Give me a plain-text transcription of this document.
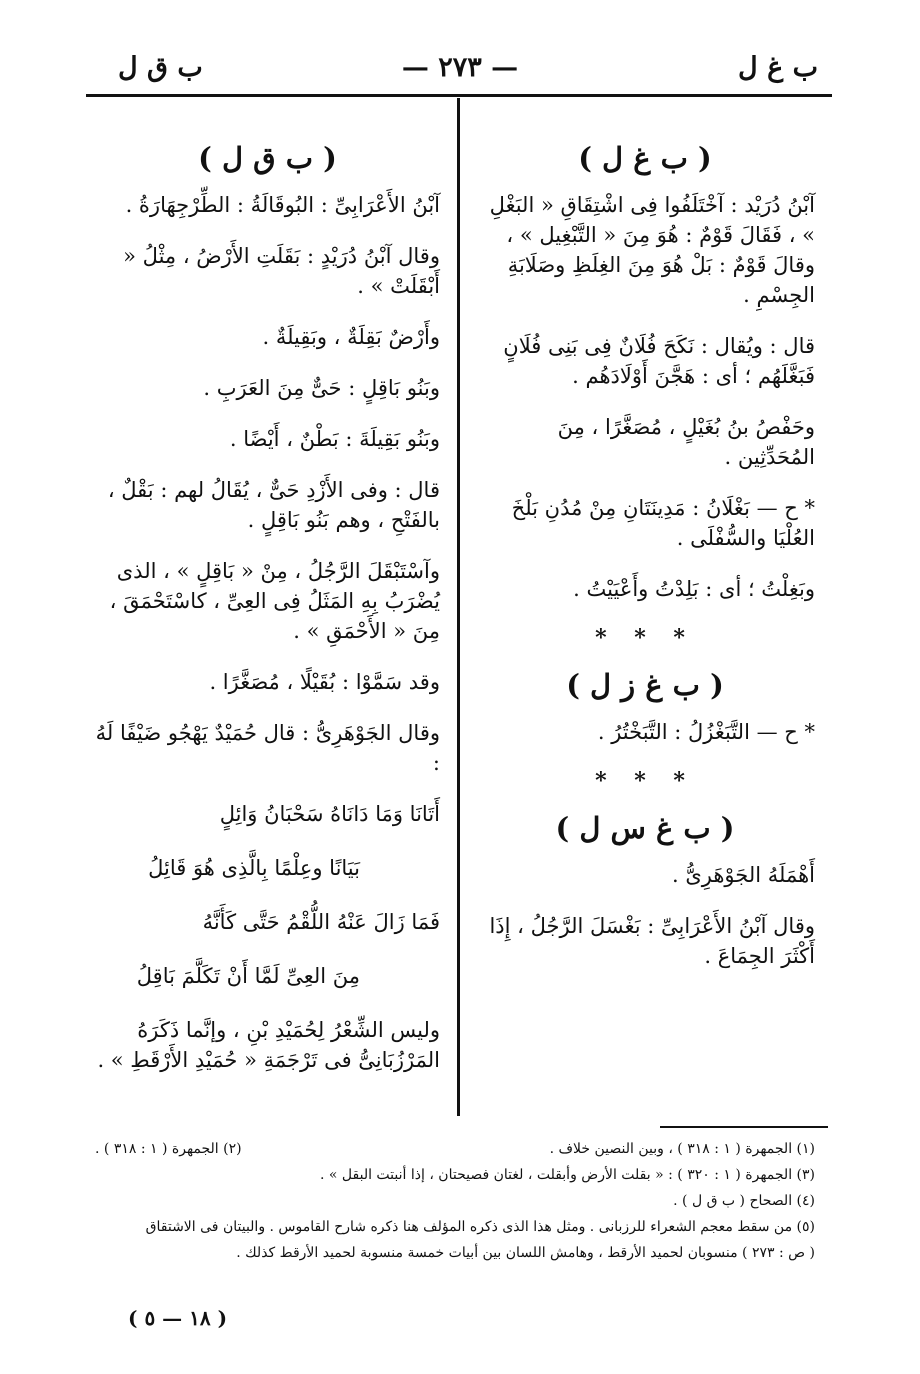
ب غ ل
— ٢٧٣ —
ب ق ل
( ب غ ل )
آبْنُ دُرَيْد : آخْتَلَفُوا فِى اشْتِقَاقِ « البَغْلِ » ، فَقَالَ قَوْمٌ : هُوَ مِنَ « التَّبْغِيل » ، وقالَ قَوْمٌ : بَلْ هُوَ مِنَ الغِلَظِ وصَلَابَةِ الجِسْمِ .
قال : ويُقال : نَكَحَ فُلَانٌ فِى بَنِى فُلَانٍ فَبَغَّلَهُم ؛ أى : هَجَّنَ أَوْلَادَهُم .
وحَفْصُ بنُ بُغَيْلٍ ، مُصَغَّرًا ، مِنَ المُحَدِّثِين .
* ح — بَغْلَانُ : مَدِينَتَانِ مِنْ مُدُنِ بَلْخَ العُلْيَا والسُّفْلَى .
وبَغِلْتُ ؛ أى : بَلِدْتُ وأَعْيَيْتُ .
* * *
( ب غ ز ل )
* ح — التَّبَغْزُلُ : التَّبَخْتُرُ .
* * *
( ب غ س ل )
أَهْمَلَهُ الجَوْهَرِىُّ .
وقال آبْنُ الأَعْرَابِىِّ : بَغْسَلَ الرَّجُلُ ، إِذَا أَكْثَرَ الجِمَاعَ .
( ب ق ل )
آبْنُ الأَعْرَابِىِّ : البُوقَالَةُ : الطِّرْجِهَارَةُ .
وقال آبْنُ دُرَيْدٍ : بَقَلَتِ الأَرْضُ ، مِثْلُ « أَبْقَلَتْ » .
وأَرْضٌ بَقِلَةٌ ، وبَقِيلَةٌ .
وبَنُو بَاقِلٍ : حَىٌّ مِنَ العَرَبِ .
وبَنُو بَقِيلَةَ : بَطْنٌ ، أَيْضًا .
قال : وفى الأَزْدِ حَىٌّ ، يُقَالُ لهم : بَقْلٌ ، بالفَتْحِ ، وهم بَنُو بَاقِلٍ .
وآسْتَبْقَلَ الرَّجُلُ ، مِنْ « بَاقِلٍ » ، الذى يُضْرَبُ بِهِ المَثَلُ فِى العِىِّ ، كاسْتَحْمَقَ ، مِنَ « الأَحْمَقِ » .
وقد سَمَّوْا : بُقَيْلًا ، مُصَغَّرًا .
وقال الجَوْهَرِىُّ : قال حُمَيْدٌ يَهْجُو ضَيْفًا لَهُ :
أَتَانَا وَمَا دَانَاهُ سَحْبَانُ وَائِلٍ
بَيَانًا وعِلْمًا بِالَّذِى هُوَ قَائِلُ
فَمَا زَالَ عَنْهُ اللُّقْمُ حَتَّى كَأَنَّهُ
مِنَ العِىِّ لَمَّا أَنْ تَكَلَّمَ بَاقِلُ
وليس الشِّعْرُ لِحُمَيْدِ بْنِ ، وإنَّما ذَكَرَهُ المَرْزُبَانِىُّ فى تَرْجَمَةِ « حُمَيْدِ الأَرْقَطِ » .
(١) الجمهرة ( ١ : ٣١٨ ) ، وبين النصين خلاف .
(٢) الجمهرة ( ١ : ٣١٨ ) .
(٣) الجمهرة ( ١ : ٣٢٠ ) : « بقلت الأرض وأبقلت ، لغتان فصيحتان ، إذا أنبتت البقل » .
(٤) الصحاح ( ب ق ل ) .
(٥) من سقط معجم الشعراء للرزبانى . ومثل هذا الذى ذكره المؤلف هنا ذكره شارح القاموس . والبيتان فى الاشتقاق
( ص : ٢٧٣ ) منسوبان لحميد الأرقط ، وهامش اللسان بين أبيات خمسة منسوبة لحميد الأرقط كذلك .
( ١٨ — ٥ )
